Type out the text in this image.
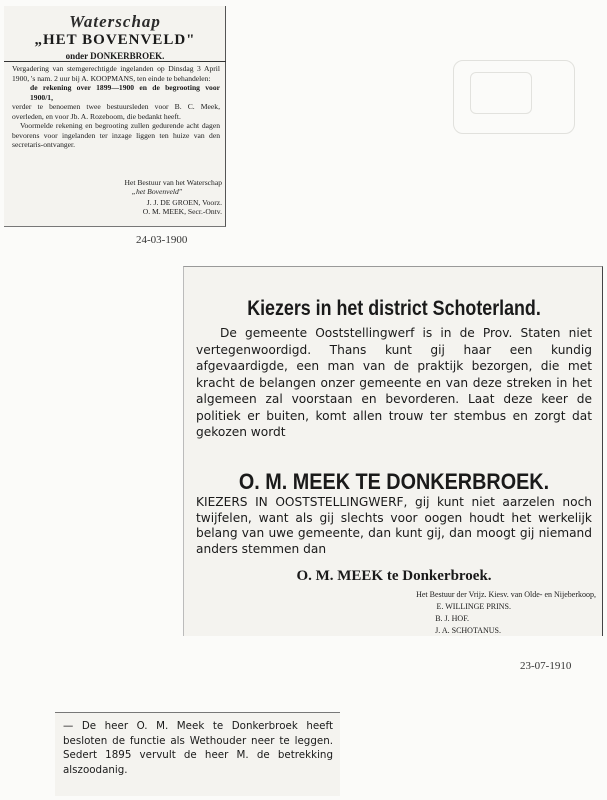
Waterschap
„HET BOVENVELD"
onder DONKERBROEK.
Vergadering van stemgerechtigde ingelanden op Dinsdag 3 April 1900, 's nam. 2 uur bij A. KOOPMANS, ten einde te behandelen:
de rekening over 1899—1900 en de begrooting voor 1900/1,
verder te benoemen twee bestuursleden voor B. C. Meek, overleden, en voor Jb. A. Rozeboom, die bedankt heeft.
Voormelde rekening en begrooting zullen gedurende acht dagen bevorens voor ingelanden ter inzage liggen ten huize van den secretaris-ontvanger.
Het Bestuur van het Waterschap
„het Bovenveld"
J. J. DE GROEN, Voorz.
O. M. MEEK, Secr.-Ontv.
24-03-1900
Kiezers in het district Schoterland.
De gemeente Ooststellingwerf is in de Prov. Staten niet vertegenwoordigd. Thans kunt gij haar een kundig afgevaardigde, een man van de praktijk bezorgen, die met kracht de belangen onzer gemeente en van deze streken in het algemeen zal voorstaan en bevorderen. Laat deze keer de politiek er buiten, komt allen trouw ter stembus en zorgt dat gekozen wordt
O. M. MEEK TE DONKERBROEK.
KIEZERS IN OOSTSTELLINGWERF, gij kunt niet aarzelen noch twijfelen, want als gij slechts voor oogen houdt het werkelijk belang van uwe gemeente, dan kunt gij, dan moogt gij niemand anders stemmen dan
O. M. MEEK te Donkerbroek.
Het Bestuur der Vrijz. Kiesv. van Olde- en Nijeberkoop,
E. WILLINGE PRINS.
B. J. HOF.
J. A. SCHOTANUS.
23-07-1910
— De heer O. M. Meek te Donkerbroek heeft besloten de functie als Wethouder neer te leggen. Sedert 1895 vervult de heer M. de betrekking alszoodanig.
